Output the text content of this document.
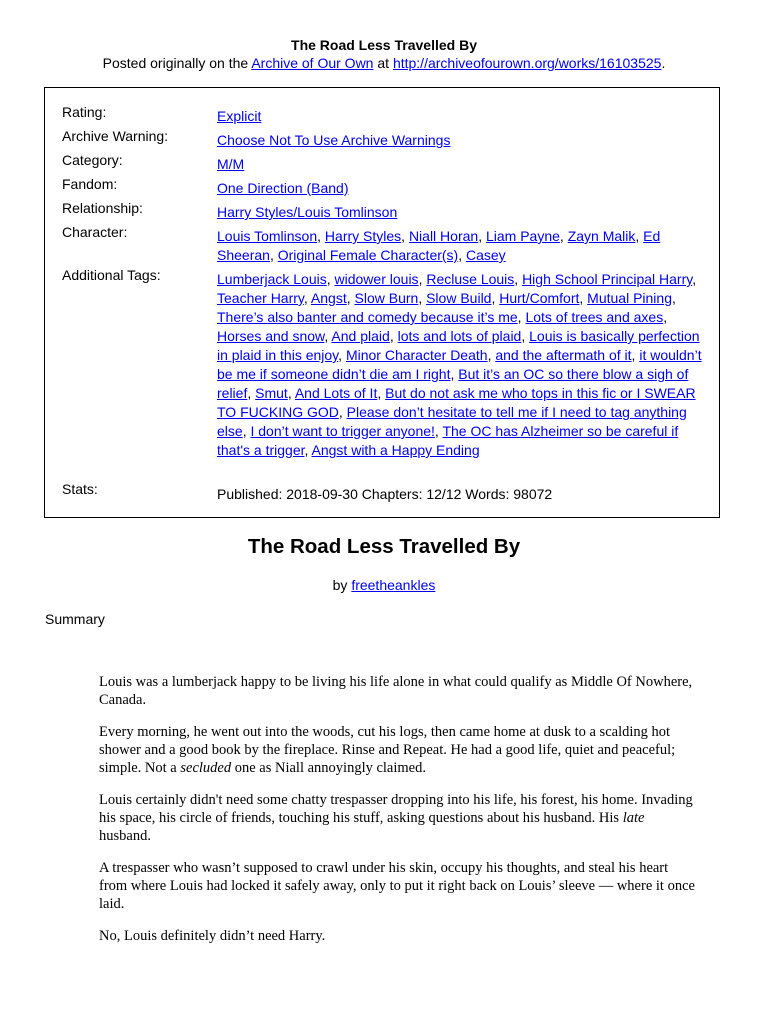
The Road Less Travelled By
Posted originally on the Archive of Our Own at http://archiveofourown.org/works/16103525.
Rating:	Explicit
Archive Warning:	Choose Not To Use Archive Warnings
Category:	M/M
Fandom:	One Direction (Band)
Relationship:	Harry Styles/Louis Tomlinson
Character:	Louis Tomlinson, Harry Styles, Niall Horan, Liam Payne, Zayn Malik, Ed Sheeran, Original Female Character(s), Casey
Additional Tags:	Lumberjack Louis, widower louis, Recluse Louis, High School Principal Harry, Teacher Harry, Angst, Slow Burn, Slow Build, Hurt/Comfort, Mutual Pining, There’s also banter and comedy because it’s me, Lots of trees and axes, Horses and snow, And plaid, lots and lots of plaid, Louis is basically perfection in plaid in this enjoy, Minor Character Death, and the aftermath of it, it wouldn’t be me if someone didn’t die am I right, But it’s an OC so there blow a sigh of relief, Smut, And Lots of It, But do not ask me who tops in this fic or I SWEAR TO FUCKING GOD, Please don’t hesitate to tell me if I need to tag anything else, I don’t want to trigger anyone!, The OC has Alzheimer so be careful if that's a trigger, Angst with a Happy Ending
Stats:	Published: 2018-09-30 Chapters: 12/12 Words: 98072
The Road Less Travelled By
by freetheankles
Summary

Louis was a lumberjack happy to be living his life alone in what could qualify as Middle Of Nowhere, Canada.

Every morning, he went out into the woods, cut his logs, then came home at dusk to a scalding hot shower and a good book by the fireplace. Rinse and Repeat. He had a good life, quiet and peaceful; simple. Not a secluded one as Niall annoyingly claimed.

Louis certainly didn't need some chatty trespasser dropping into his life, his forest, his home. Invading his space, his circle of friends, touching his stuff, asking questions about his husband. His late husband.

A trespasser who wasn’t supposed to crawl under his skin, occupy his thoughts, and steal his heart from where Louis had locked it safely away, only to put it right back on Louis’ sleeve — where it once laid.

No, Louis definitely didn’t need Harry.
